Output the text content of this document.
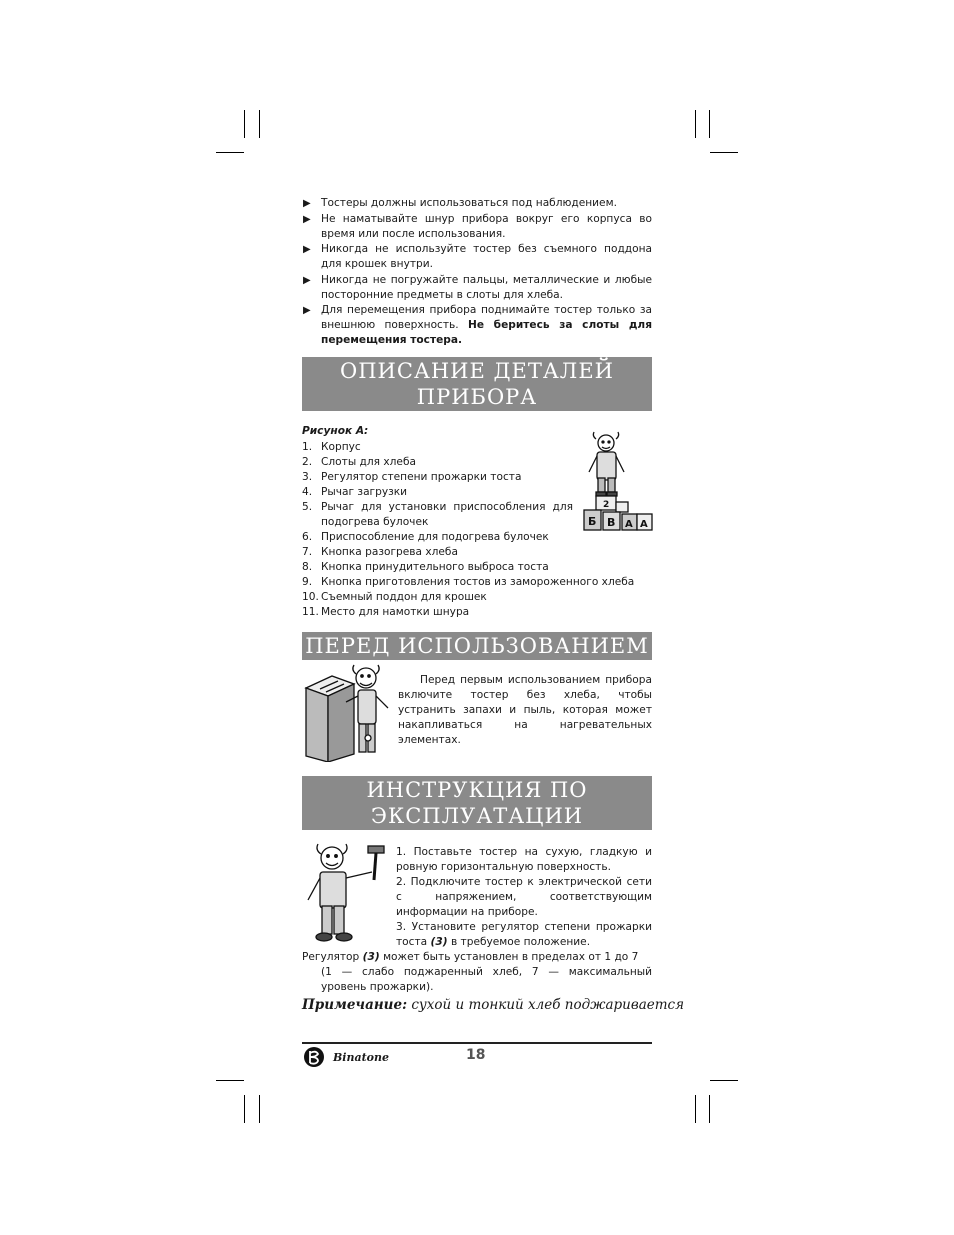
▶ Тостеры должны использоваться под наблюдением.
▶ Не наматывайте шнур прибора вокруг его корпуса во время или после использования.
▶ Никогда не используйте тостер без съемного поддона для крошек внутри.
▶ Никогда не погружайте пальцы, металлические и любые посторонние предметы в слоты для хлеба.
▶ Для перемещения прибора поднимайте тостер только за внешнюю поверхность. Не беритесь за слоты для перемещения тостера.
ОПИСАНИЕ ДЕТАЛЕЙ
ПРИБОРА
Рисунок А:
1. Корпус
2. Слоты для хлеба
3. Регулятор степени прожарки тоста
4. Рычаг загрузки
5. Рычаг для установки приспособления для подогрева булочек
6. Приспособление для подогрева булочек
7. Кнопка разогрева хлеба
8. Кнопка принудительного выброса тоста
9. Кнопка приготовления тостов из замороженного хлеба
10. Съемный поддон для крошек
11. Место для намотки шнура
2
Б В А А
ПЕРЕД ИСПОЛЬЗОВАНИЕМ

Перед первым использованием прибора включите тостер без хлеба, чтобы устранить запахи и пыль, которая может накапливаться на нагревательных элементах.

ИНСТРУКЦИЯ ПО
ЭКСПЛУАТАЦИИ
1. Поставьте тостер на сухую, гладкую и ровную горизонтальную поверхность.
2. Подключите тостер к электрической сети с напряжением, соответствующим информации на приборе.
3. Установите регулятор степени прожарки тоста (3) в требуемое положение.

Регулятор (3) может быть установлен в пределах от 1 до 7
(1 — слабо поджаренный хлеб, 7 — максимальный уровень прожарки).

Примечание: сухой и тонкий хлеб поджаривается
Binatone	18
